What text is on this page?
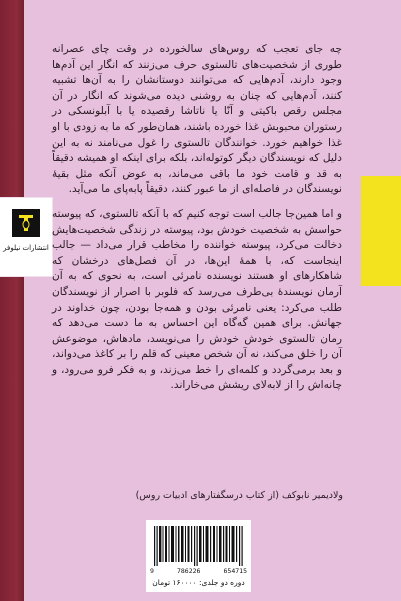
انتشارات نیلوفر

چه جای تعجب که روس‌های سالخورده در وقت چای عصرانه طوری از شخصیت‌های تالستوی حرف می‌زنند که انگار این آدم‌ها وجود دارند، آدم‌هایی که می‌توانند دوستانشان را به آن‌ها تشبیه کنند، آدم‌هایی که چنان به روشنی دیده می‌شوند که انگار در آن مجلس رقص باکیتی و آنّا یا ناتاشا رقصیده یا با آبلونسکی در رستوران محبوبش غذا خورده باشند، همان‌طور که ما به زودی با او غذا خواهیم خورد. خوانندگان تالستوی را غول می‌نامند نه به این دلیل که نویسندگان دیگر کوتوله‌اند، بلکه برای اینکه او همیشه دقیقاً به قد و قامت خود ما باقی می‌ماند، به عوض آنکه مثل بقیهٔ نویسندگان در فاصله‌ای از ما عبور کنند، دقیقاً پابه‌پای ما می‌آید.

و اما همین‌جا جالب است توجه کنیم که با آنکه تالستوی، که پیوسته حواسش به شخصیت خودش بود، پیوسته در زندگی شخصیت‌هایش دخالت می‌کرد، پیوسته خواننده را مخاطب قرار می‌داد — جالب اینجاست که، با همهٔ این‌ها، در آن فصل‌های درخشان که شاهکارهای او هستند نویسنده نامرئی است، به نحوی که به آن آرمان نویسندهٔ بی‌طرف می‌رسد که فلوبر با اصرار از نویسندگان طلب می‌کرد: یعنی نامرئی بودن و همه‌جا بودن، چون خداوند در جهانش. برای همین گه‌گاه این احساس به ما دست می‌دهد که رمان تالستوی خودش خودش را می‌نویسد، مادهاش، موضوعش آن را خلق می‌کند، نه آن شخص معینی که قلم را بر کاغذ می‌دواند، و بعد برمی‌گردد و کلمه‌ای را خط می‌زند، و به فکر فرو می‌رود، و چانه‌اش را از لابه‌لای ریشش می‌خاراند.

ولادیمیر نابوکف (از کتاب درسگفتارهای ادبیات روس)
9	786226	654715
دوره دو جلدی: ۱۶۰۰۰۰ تومان
